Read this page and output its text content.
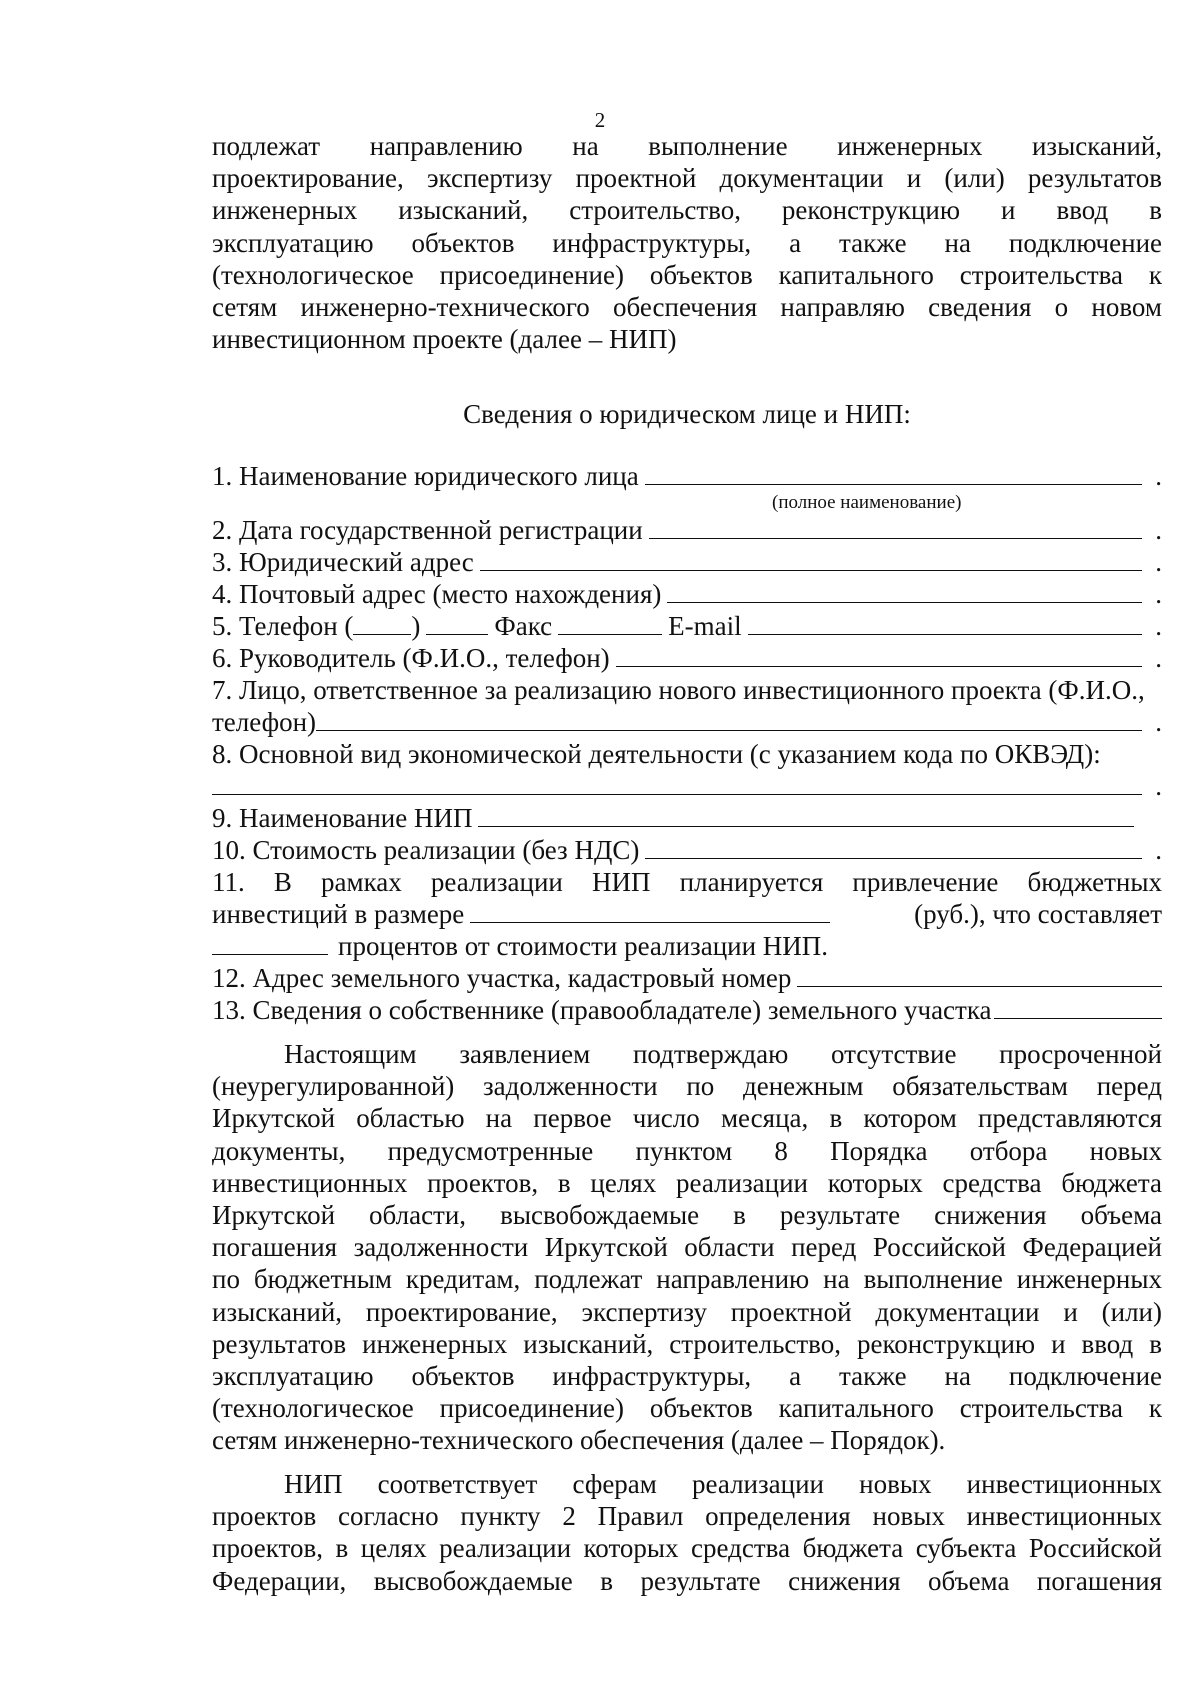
2
подлежат направлению на выполнение инженерных изысканий,
проектирование, экспертизу проектной документации и (или) результатов
инженерных изысканий, строительство, реконструкцию и ввод в
эксплуатацию объектов инфраструктуры, а также на подключение
(технологическое присоединение) объектов капитального строительства к
сетям инженерно-технического обеспечения направляю сведения о новом
инвестиционном проекте (далее – НИП)
Сведения о юридическом лице и НИП:
1. Наименование юридического лица	.
(полное наименование)
2. Дата государственной регистрации	.
3. Юридический адрес	.
4. Почтовый адрес (место нахождения)	.
5. Телефон ( )	Факс	E-mail	.
6. Руководитель (Ф.И.О., телефон)	.
7. Лицо, ответственное за реализацию нового инвестиционного проекта (Ф.И.О.,
телефон)	.
8. Основной вид экономической деятельности (с указанием кода по ОКВЭД):
.
9. Наименование НИП
10. Стоимость реализации (без НДС)	.
11. В рамках реализации НИП планируется привлечение бюджетных
инвестиций в размере	(руб.), что составляет
процентов от стоимости реализации НИП.
12. Адрес земельного участка, кадастровый номер
13. Сведения о собственнике (правообладателе) земельного участка
Настоящим заявлением подтверждаю отсутствие просроченной
(неурегулированной) задолженности по денежным обязательствам перед
Иркутской областью на первое число месяца, в котором представляются
документы, предусмотренные пунктом 8 Порядка отбора новых
инвестиционных проектов, в целях реализации которых средства бюджета
Иркутской области, высвобождаемые в результате снижения объема
погашения задолженности Иркутской области перед Российской Федерацией
по бюджетным кредитам, подлежат направлению на выполнение инженерных
изысканий, проектирование, экспертизу проектной документации и (или)
результатов инженерных изысканий, строительство, реконструкцию и ввод в
эксплуатацию объектов инфраструктуры, а также на подключение
(технологическое присоединение) объектов капитального строительства к
сетям инженерно-технического обеспечения (далее – Порядок).
НИП соответствует сферам реализации новых инвестиционных
проектов согласно пункту 2 Правил определения новых инвестиционных
проектов, в целях реализации которых средства бюджета субъекта Российской
Федерации, высвобождаемые в результате снижения объема погашения
